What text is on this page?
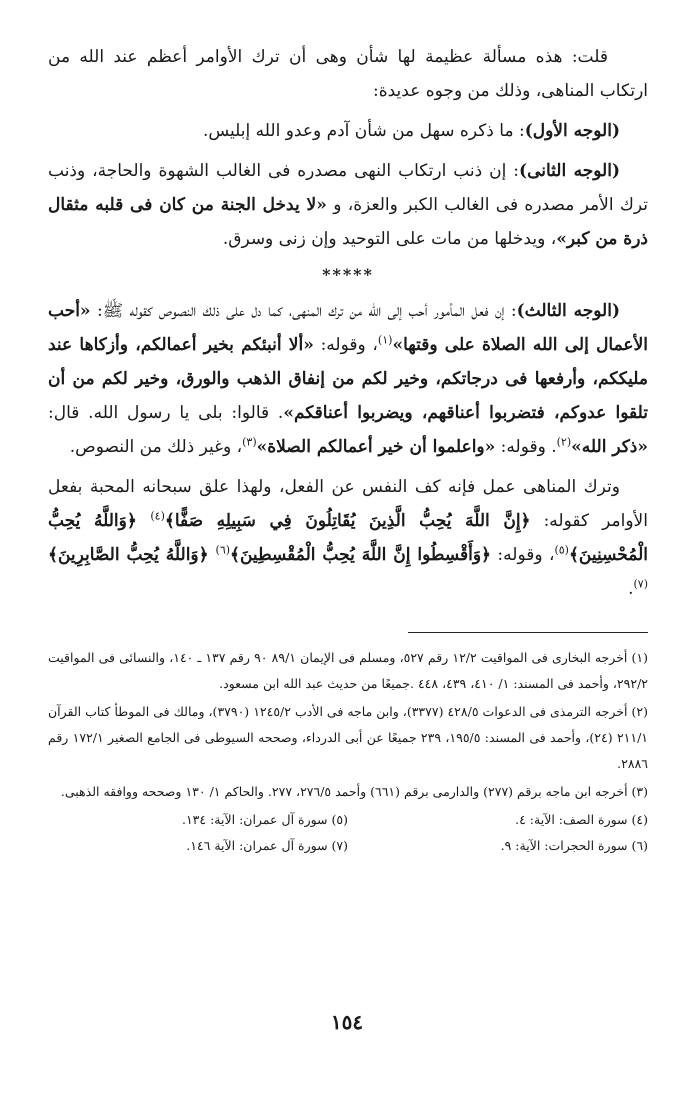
قلت: هذه مسألة عظيمة لها شأن وهى أن ترك الأوامر أعظم عند الله من ارتكاب المناهى، وذلك من وجوه عديدة:

(الوجه الأول): ما ذكره سهل من شأن آدم وعدو الله إبليس.

(الوجه الثانى): إن ذنب ارتكاب النهى مصدره فى الغالب الشهوة والحاجة، وذنب ترك الأمر مصدره فى الغالب الكبر والعزة، و «لا يدخل الجنة من كان فى قلبه مثقال ذرة من كبر»، ويدخلها من مات على التوحيد وإن زنى وسرق.

*****

(الوجه الثالث): إن فعل المأمور أحب إلى الله من ترك المنهى، كما دل على ذلك النصوص كقوله ﷺ: «أحب الأعمال إلى الله الصلاة على وقتها»$^{(١)}$، وقوله: «ألا أنبئكم بخير أعمالكم، وأزكاها عند مليككم، وأرفعها فى درجاتكم، وخير لكم من إنفاق الذهب والورق، وخير لكم من أن تلقوا عدوكم، فتضربوا أعناقهم، ويضربوا أعناقكم». قالوا: بلى يا رسول الله. قال: «ذكر الله»$^{(٢)}$. وقوله: «واعلموا أن خير أعمالكم الصلاة»$^{(٣)}$، وغير ذلك من النصوص.

وترك المناهى عمل فإنه كف النفس عن الفعل، ولهذا علق سبحانه المحبة بفعل الأوامر كقوله: ﴿إِنَّ اللَّهَ يُحِبُّ الَّذِينَ يُقَاتِلُونَ فِي سَبِيلِهِ صَفًّا﴾$^{(٤)}$ ﴿وَاللَّهُ يُحِبُّ الْمُحْسِنِينَ﴾$^{(٥)}$، وقوله: ﴿وَأَقْسِطُوا إِنَّ اللَّهَ يُحِبُّ الْمُقْسِطِينَ﴾$^{(٦)}$ ﴿وَاللَّهُ يُحِبُّ الصَّابِرِينَ﴾$^{(٧)}$.

(١) أخرجه البخارى فى المواقيت ١٢/٢ رقم ٥٢٧، ومسلم فى الإيمان ٨٩/١ ٩٠ رقم ١٣٧ ـ ١٤٠، والنسائى فى المواقيت ٢٩٢/٢، وأحمد فى المسند: ١/ ٤١٠، ٤٣٩، ٤٤٨ .جميعًا من حديث عبد الله ابن مسعود.
(٢) أخرجه الترمذى فى الدعوات ٤٢٨/٥ (٣٣٧٧)، وابن ماجه فى الأدب ١٢٤٥/٢ (٣٧٩٠)، ومالك فى الموطأ كتاب القرآن ٢١١/١ (٢٤)، وأحمد فى المسند: ١٩٥/٥، ٢٣٩ جميعًا عن أبى الدرداء، وصححه السيوطى فى الجامع الصغير ١٧٢/١ رقم ٢٨٨٦.
(٣) أخرجه ابن ماجه برقم (٢٧٧) والدارمى برقم (٦٦١) وأحمد ٢٧٦/٥، ٢٧٧. والحاكم ١/ ١٣٠ وصححه ووافقه الذهبى.
(٤) سورة الصف: الآية: ٤.
(٥) سورة آل عمران: الآية: ١٣٤.
(٦) سورة الحجرات: الآية: ٩.
(٧) سورة آل عمران: الآية ١٤٦.
١٥٤
